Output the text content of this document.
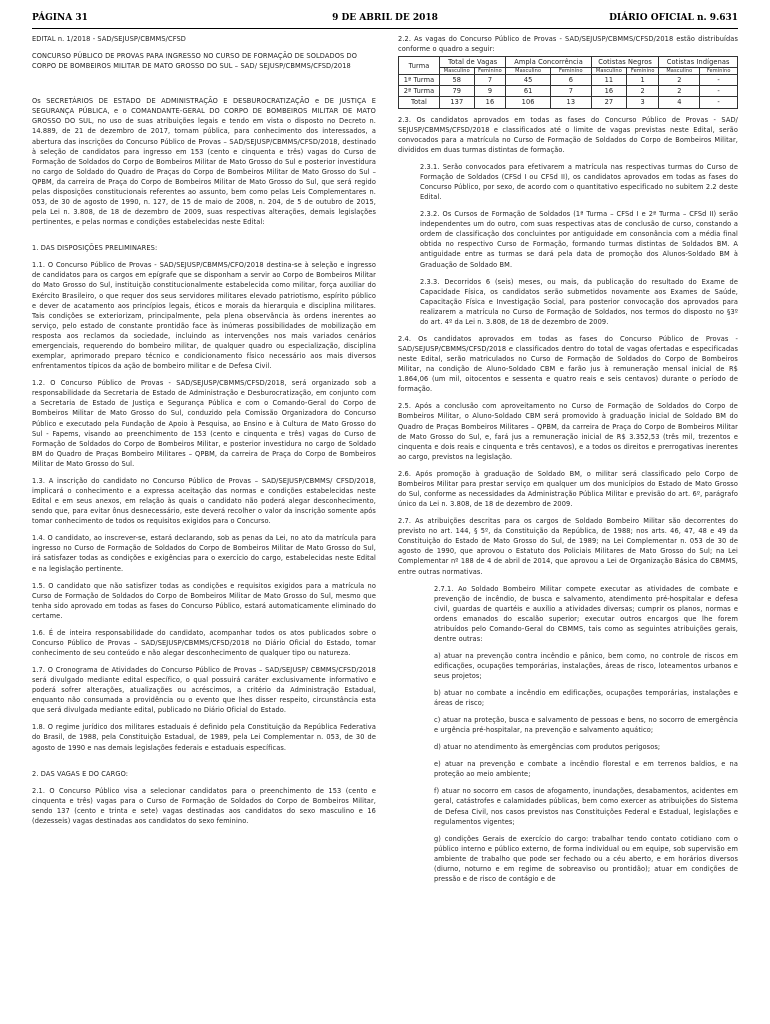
9 DE ABRIL DE 2018
PÁGINA 31	DIÁRIO OFICIAL n. 9.631

EDITAL n. 1/2018 - SAD/SEJUSP/CBMMS/CFSD

CONCURSO PÚBLICO DE PROVAS PARA INGRESSO NO CURSO DE FORMAÇÃO DE SOLDADOS DO CORPO DE BOMBEIROS MILITAR DE MATO GROSSO DO SUL – SAD/ SEJUSP/CBMMS/CFSD/2018

Os SECRETÁRIOS DE ESTADO DE ADMINISTRAÇÃO E DESBUROCRATIZAÇÃO e DE JUSTIÇA E SEGURANÇA PÚBLICA, e o COMANDANTE-GERAL DO CORPO DE BOMBEIROS MILITAR DE MATO GROSSO DO SUL, no uso de suas atribuições legais e tendo em vista o disposto no Decreto n. 14.889, de 21 de dezembro de 2017, tornam pública, para conhecimento dos interessados, a abertura das inscrições do Concurso Público de Provas – SAD/SEJUSP/CBMMS/CFSD/2018, destinado à seleção de candidatos para ingresso em 153 (cento e cinquenta e três) vagas do Curso de Formação de Soldados do Corpo de Bombeiros Militar de Mato Grosso do Sul e posterior investidura no cargo de Soldado do Quadro de Praças do Corpo de Bombeiros Militar de Mato Grosso do Sul – QPBM, da carreira de Praça do Corpo de Bombeiros Militar de Mato Grosso do Sul, que será regido pelas disposições constitucionais referentes ao assunto, bem como pelas Leis Complementares n. 053, de 30 de agosto de 1990, n. 127, de 15 de maio de 2008, n. 204, de 5 de outubro de 2015, pela Lei n. 3.808, de 18 de dezembro de 2009, suas respectivas alterações, demais legislações pertinentes, e pelas normas e condições estabelecidas neste Edital:

1. DAS DISPOSIÇÕES PRELIMINARES:

1.1. O Concurso Público de Provas - SAD/SEJUSP/CBMMS/CFO/2018 destina-se à seleção e ingresso de candidatos para os cargos em epígrafe que se disponham a servir ao Corpo de Bombeiros Militar do Mato Grosso do Sul, instituição constitucionalmente estabelecida como militar, força auxiliar do Exército Brasileiro, o que requer dos seus servidores militares elevado patriotismo, espírito público e dever de acatamento aos princípios legais, éticos e morais da hierarquia e disciplina militares. Tais condições se exteriorizam, principalmente, pela plena observância às ordens inerentes ao serviço, pelo estado de constante prontidão face às inúmeras possibilidades de mobilização em resposta aos reclamos da sociedade, incluindo as intervenções nos mais variados cenários emergenciais, requerendo do bombeiro militar, de qualquer quadro ou especialização, disciplina exemplar, aprimorado preparo técnico e condicionamento físico necessário aos mais diversos enfrentamentos típicos da ação de bombeiro militar e de Defesa Civil.

1.2. O Concurso Público de Provas - SAD/SEJUSP/CBMMS/CFSD/2018, será organizado sob a responsabilidade da Secretaria de Estado de Administração e Desburocratização, em conjunto com a Secretaria de Estado de Justiça e Segurança Pública e com o Comando-Geral do Corpo de Bombeiros Militar de Mato Grosso do Sul, conduzido pela Comissão Organizadora do Concurso Público e executado pela Fundação de Apoio à Pesquisa, ao Ensino e à Cultura de Mato Grosso do Sul - Fapems, visando ao preenchimento de 153 (cento e cinquenta e três) vagas do Curso de Formação de Soldados do Corpo de Bombeiros Militar, e posterior investidura no cargo de Soldado BM do Quadro de Praças Bombeiro Militares – QPBM, da carreira de Praça do Corpo de Bombeiros Militar de Mato Grosso do Sul.

1.3. A inscrição do candidato no Concurso Público de Provas – SAD/SEJUSP/CBMMS/ CFSD/2018, implicará o conhecimento e a expressa aceitação das normas e condições estabelecidas neste Edital e em seus anexos, em relação às quais o candidato não poderá alegar desconhecimento, sendo que, para evitar ônus desnecessário, este deverá recolher o valor da inscrição somente após tomar conhecimento de todos os requisitos exigidos para o Concurso.

1.4. O candidato, ao inscrever-se, estará declarando, sob as penas da Lei, no ato da matrícula para ingresso no Curso de Formação de Soldados do Corpo de Bombeiros Militar de Mato Grosso do Sul, irá satisfazer todas as condições e exigências para o exercício do cargo, estabelecidas neste Edital e na legislação pertinente.

1.5. O candidato que não satisfizer todas as condições e requisitos exigidos para a matrícula no Curso de Formação de Soldados do Corpo de Bombeiros Militar de Mato Grosso do Sul, mesmo que tenha sido aprovado em todas as fases do Concurso Público, estará automaticamente eliminado do certame.

1.6. É de inteira responsabilidade do candidato, acompanhar todos os atos publicados sobre o Concurso Público de Provas – SAD/SEJUSP/CBMMS/CFSD/2018 no Diário Oficial do Estado, tomar conhecimento de seu conteúdo e não alegar desconhecimento de qualquer tipo ou natureza.

1.7. O Cronograma de Atividades do Concurso Público de Provas – SAD/SEJUSP/ CBMMS/CFSD/2018 será divulgado mediante edital específico, o qual possuirá caráter exclusivamente informativo e poderá sofrer alterações, atualizações ou acréscimos, a critério da Administração Estadual, enquanto não consumada a providência ou o evento que lhes disser respeito, circunstância esta que será divulgada mediante edital, publicado no Diário Oficial do Estado.

1.8. O regime jurídico dos militares estaduais é definido pela Constituição da República Federativa do Brasil, de 1988, pela Constituição Estadual, de 1989, pela Lei Complementar n. 053, de 30 de agosto de 1990 e nas demais legislações federais e estaduais específicas.

2. DAS VAGAS E DO CARGO:

2.1. O Concurso Público visa a selecionar candidatos para o preenchimento de 153 (cento e cinquenta e três) vagas para o Curso de Formação de Soldados do Corpo de Bombeiros Militar, sendo 137 (cento e trinta e sete) vagas destinadas aos candidatos do sexo masculino e 16 (dezesseis) vagas destinadas aos candidatos do sexo feminino.

2.2. As vagas do Concurso Público de Provas - SAD/SEJUSP/CBMMS/CFSD/2018 estão distribuídas conforme o quadro a seguir:

Turma	Total de Vagas		Ampla Concorrência		Cotistas Negros		Cotistas Indígenas	
	Masculino	Feminino	Masculino	Feminino	Masculino	Feminino	Masculino	Feminino
1ª Turma	58	7	45	6	11	1	2	-
2ª Turma	79	9	61	7	16	2	2	-
Total	137	16	106	13	27	3	4	-

2.3. Os candidatos aprovados em todas as fases do Concurso Público de Provas - SAD/ SEJUSP/CBMMS/CFSD/2018 e classificados até o limite de vagas previstas neste Edital, serão convocados para a matrícula no Curso de Formação de Soldados do Corpo de Bombeiros Militar, divididos em duas turmas distintas de formação.

2.3.1. Serão convocados para efetivarem a matrícula nas respectivas turmas do Curso de Formação de Soldados (CFSd I ou CFSd II), os candidatos aprovados em todas as fases do Concurso Público, por sexo, de acordo com o quantitativo especificado no subitem 2.2 deste Edital.

2.3.2. Os Cursos de Formação de Soldados (1ª Turma – CFSd I e 2ª Turma – CFSd II) serão independentes um do outro, com suas respectivas atas de conclusão de curso, constando a ordem de classificação dos concluintes por antiguidade em consonância com a média final obtida no respectivo Curso de Formação, formando turmas distintas de Soldados BM. A antiguidade entre as turmas se dará pela data de promoção dos Alunos-Soldado BM à Graduação de Soldado BM.

2.3.3. Decorridos 6 (seis) meses, ou mais, da publicação do resultado do Exame de Capacidade Física, os candidatos serão submetidos novamente aos Exames de Saúde, Capacitação Física e Investigação Social, para posterior convocação dos aprovados para realizarem a matrícula no Curso de Formação de Soldados, nos termos do disposto no §3º do art. 4º da Lei n. 3.808, de 18 de dezembro de 2009.

2.4. Os candidatos aprovados em todas as fases do Concurso Público de Provas - SAD/SEJUSP/CBMMS/CFSD/2018 e classificados dentro do total de vagas ofertadas e especificadas neste Edital, serão matriculados no Curso de Formação de Soldados do Corpo de Bombeiros Militar, na condição de Aluno-Soldado CBM e farão jus à remuneração mensal inicial de R$ 1.864,06 (um mil, oitocentos e sessenta e quatro reais e seis centavos) durante o período de formação.

2.5. Após a conclusão com aproveitamento no Curso de Formação de Soldados do Corpo de Bombeiros Militar, o Aluno-Soldado CBM será promovido à graduação inicial de Soldado BM do Quadro de Praças Bombeiros Militares – QPBM, da carreira de Praça do Corpo de Bombeiros Militar de Mato Grosso do Sul, e, fará jus a remuneração inicial de R$ 3.352,53 (três mil, trezentos e cinquenta e dois reais e cinquenta e três centavos), e a todos os direitos e prerrogativas inerentes ao cargo, previstos na legislação.

2.6. Após promoção à graduação de Soldado BM, o militar será classificado pelo Corpo de Bombeiros Militar para prestar serviço em qualquer um dos municípios do Estado de Mato Grosso do Sul, conforme as necessidades da Administração Pública Militar e previsão do art. 6º, parágrafo único da Lei n. 3.808, de 18 de dezembro de 2009.

2.7. As atribuições descritas para os cargos de Soldado Bombeiro Militar são decorrentes do previsto no art. 144, § 5º, da Constituição da República, de 1988; nos arts. 46, 47, 48 e 49 da Constituição do Estado de Mato Grosso do Sul, de 1989; na Lei Complementar n. 053 de 30 de agosto de 1990, que aprovou o Estatuto dos Policiais Militares de Mato Grosso do Sul; na Lei Complementar nº 188 de 4 de abril de 2014, que aprovou a Lei de Organização Básica do CBMMS, entre outras normativas.

2.7.1. Ao Soldado Bombeiro Militar compete executar as atividades de combate e prevenção de incêndio, de busca e salvamento, atendimento pré-hospitalar e defesa civil, guardas de quartéis e auxílio a atividades diversas; cumprir os planos, normas e ordens emanados do escalão superior; executar outros encargos que lhe forem atribuídos pelo Comando-Geral do CBMMS, tais como as seguintes atribuições gerais, dentre outras:

a) atuar na prevenção contra incêndio e pânico, bem como, no controle de riscos em edificações, ocupações temporárias, instalações, áreas de risco, loteamentos urbanos e seus projetos;

b) atuar no combate a incêndio em edificações, ocupações temporárias, instalações e áreas de risco;

c) atuar na proteção, busca e salvamento de pessoas e bens, no socorro de emergência e urgência pré-hospitalar, na prevenção e salvamento aquático;

d) atuar no atendimento às emergências com produtos perigosos;

e) atuar na prevenção e combate a incêndio florestal e em terrenos baldios, e na proteção ao meio ambiente;

f) atuar no socorro em casos de afogamento, inundações, desabamentos, acidentes em geral, catástrofes e calamidades públicas, bem como exercer as atribuições do Sistema de Defesa Civil, nos casos previstos nas Constituições Federal e Estadual, legislações e regulamentos vigentes;

g) condições Gerais de exercício do cargo: trabalhar tendo contato cotidiano com o público interno e público externo, de forma individual ou em equipe, sob supervisão em ambiente de trabalho que pode ser fechado ou a céu aberto, e em horários diversos (diurno, noturno e em regime de sobreaviso ou prontidão); atuar em condições de pressão e de risco de contágio e de
